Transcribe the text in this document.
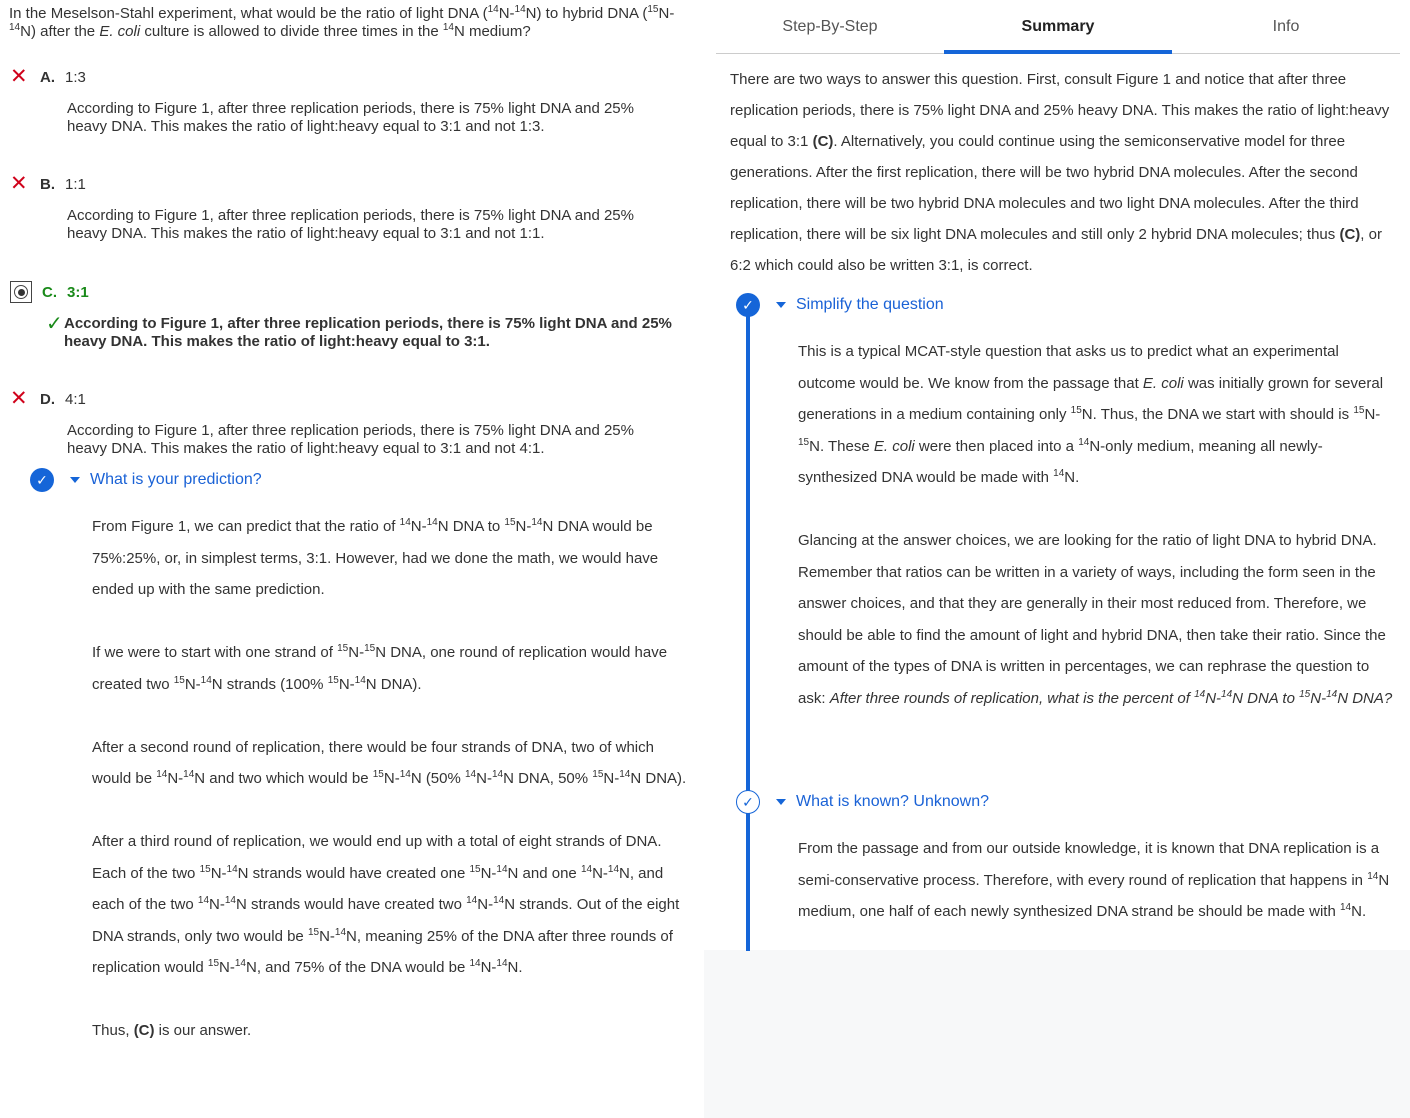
In the Meselson-Stahl experiment, what would be the ratio of light DNA ($^{14}$N-$^{14}$N) to hybrid DNA ($^{15}$N-$^{14}$N) after the E. coli culture is allowed to divide three times in the $^{14}$N medium?
✕ A. 1:3
According to Figure 1, after three replication periods, there is 75% light DNA and 25% heavy DNA. This makes the ratio of light:heavy equal to 3:1 and not 1:3.
✕ B. 1:1
According to Figure 1, after three replication periods, there is 75% light DNA and 25% heavy DNA. This makes the ratio of light:heavy equal to 3:1 and not 1:1.
C. 3:1
✓ According to Figure 1, after three replication periods, there is 75% light DNA and 25% heavy DNA. This makes the ratio of light:heavy equal to 3:1.
✕ D. 4:1
According to Figure 1, after three replication periods, there is 75% light DNA and 25% heavy DNA. This makes the ratio of light:heavy equal to 3:1 and not 4:1.
✓	What is your prediction?

From Figure 1, we can predict that the ratio of $^{14}$N-$^{14}$N DNA to $^{15}$N-$^{14}$N DNA would be 75%:25%, or, in simplest terms, 3:1. However, had we done the math, we would have ended up with the same prediction.

If we were to start with one strand of $^{15}$N-$^{15}$N DNA, one round of replication would have created two $^{15}$N-$^{14}$N strands (100% $^{15}$N-$^{14}$N DNA).

After a second round of replication, there would be four strands of DNA, two of which would be $^{14}$N-$^{14}$N and two which would be $^{15}$N-$^{14}$N (50% $^{14}$N-$^{14}$N DNA, 50% $^{15}$N-$^{14}$N DNA).

After a third round of replication, we would end up with a total of eight strands of DNA. Each of the two $^{15}$N-$^{14}$N strands would have created one $^{15}$N-$^{14}$N and one $^{14}$N-$^{14}$N, and each of the two $^{14}$N-$^{14}$N strands would have created two $^{14}$N-$^{14}$N strands. Out of the eight DNA strands, only two would be $^{15}$N-$^{14}$N, meaning 25% of the DNA after three rounds of replication would $^{15}$N-$^{14}$N, and 75% of the DNA would be $^{14}$N-$^{14}$N.

Thus, (C) is our answer.

Step-By-Step	Summary	Info
There are two ways to answer this question. First, consult Figure 1 and notice that after three replication periods, there is 75% light DNA and 25% heavy DNA. This makes the ratio of light:heavy equal to 3:1 (C). Alternatively, you could continue using the semiconservative model for three generations. After the first replication, there will be two hybrid DNA molecules. After the second replication, there will be two hybrid DNA molecules and two light DNA molecules. After the third replication, there will be six light DNA molecules and still only 2 hybrid DNA molecules; thus (C), or 6:2 which could also be written 3:1, is correct.
✓	Simplify the question

This is a typical MCAT-style question that asks us to predict what an experimental outcome would be. We know from the passage that E. coli was initially grown for several generations in a medium containing only $^{15}$N. Thus, the DNA we start with should is $^{15}$N-$^{15}$N. These E. coli were then placed into a $^{14}$N-only medium, meaning all newly-synthesized DNA would be made with $^{14}$N.

Glancing at the answer choices, we are looking for the ratio of light DNA to hybrid DNA. Remember that ratios can be written in a variety of ways, including the form seen in the answer choices, and that they are generally in their most reduced from. Therefore, we should be able to find the amount of light and hybrid DNA, then take their ratio. Since the amount of the types of DNA is written in percentages, we can rephrase the question to ask: After three rounds of replication, what is the percent of $^{14}$N-$^{14}$N DNA to $^{15}$N-$^{14}$N DNA?

✓	What is known? Unknown?

From the passage and from our outside knowledge, it is known that DNA replication is a semi-conservative process. Therefore, with every round of replication that happens in $^{14}$N medium, one half of each newly synthesized DNA strand be should be made with $^{14}$N.
